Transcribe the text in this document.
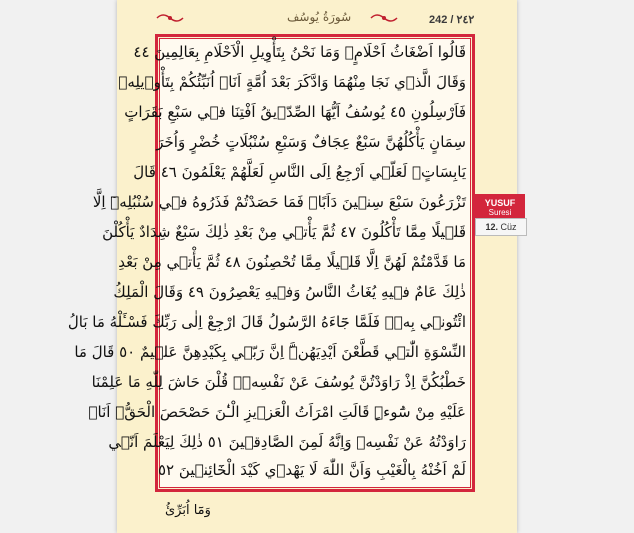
سُورَةُ يُوسُف	242 / ٢٤٢
قَالُوا اَضْغَاثُ اَحْلَامٍۚ وَمَا نَحْنُ بِتَأْوِيلِ الْاَحْلَامِ بِعَالِمِينَ ٤٤
وَقَالَ الَّذ۪ي نَجَا مِنْهُمَا وَادَّكَرَ بَعْدَ اُمَّةٍ اَنَا۬ اُنَبِّئُكُمْ بِتَأْو۪يلِه۪
فَاَرْسِلُونِ ٤٥ يُوسُفُ اَيُّهَا الصِّدّ۪يقُ اَفْتِنَا ف۪ي سَبْعِ بَقَرَاتٍ
سِمَانٍ يَأْكُلُهُنَّ سَبْعٌ عِجَافٌ وَسَبْعِ سُنْبُلَاتٍ خُضْرٍ وَاُخَرَ
يَابِسَاتٍۙ لَعَلّ۪ي اَرْجِعُ اِلَى النَّاسِ لَعَلَّهُمْ يَعْلَمُونَ ٤٦ قَالَ
تَزْرَعُونَ سَبْعَ سِن۪ينَ دَاَبًاۚ فَمَا حَصَدْتُمْ فَذَرُوهُ ف۪ي سُنْبُلِه۪ٓ اِلَّا
قَل۪يلًا مِمَّا تَأْكُلُونَ ٤٧ ثُمَّ يَأْت۪ي مِنْ بَعْدِ ذٰلِكَ سَبْعٌ شِدَادٌ يَأْكُلْنَ
مَا قَدَّمْتُمْ لَهُنَّ اِلَّا قَل۪يلًا مِمَّا تُحْصِنُونَ ٤٨ ثُمَّ يَأْت۪ي مِنْ بَعْدِ
ذٰلِكَ عَامٌ ف۪يهِ يُغَاثُ النَّاسُ وَف۪يهِ يَعْصِرُونَ ٤٩ وَقَالَ الْمَلِكُ
ائْتُون۪ي بِه۪ۚ فَلَمَّا جَٓاءَهُ الرَّسُولُ قَالَ ارْجِعْ اِلٰى رَبِّكَ فَسْـَٔلْهُ مَا بَالُ
النِّسْوَةِ الّٰت۪ي قَطَّعْنَ اَيْدِيَهُنَّۜ اِنَّ رَبّ۪ي بِكَيْدِهِنَّ عَل۪يمٌ ٥٠ قَالَ مَا
خَطْبُكُنَّ اِذْ رَاوَدْتُنَّ يُوسُفَ عَنْ نَفْسِه۪ۜ قُلْنَ حَاشَ لِلّٰهِ مَا عَلِمْنَا
عَلَيْهِ مِنْ سُٓوءٍۜ قَالَتِ امْرَاَتُ الْعَز۪يزِ الْـٰٔنَ حَصْحَصَ الْحَقُّۘ اَنَا۬
رَاوَدْتُهُ عَنْ نَفْسِه۪ وَاِنَّهُ لَمِنَ الصَّادِق۪ينَ ٥١ ذٰلِكَ لِيَعْلَمَ اَنّ۪ي
لَمْ اَخُنْهُ بِالْغَيْبِ وَاَنَّ اللّٰهَ لَا يَهْد۪ي كَيْدَ الْخَٓائِن۪ينَ ٥٢
وَمَٓا اُبَرِّئُ
YUSUF
Suresi
12. Cüz
